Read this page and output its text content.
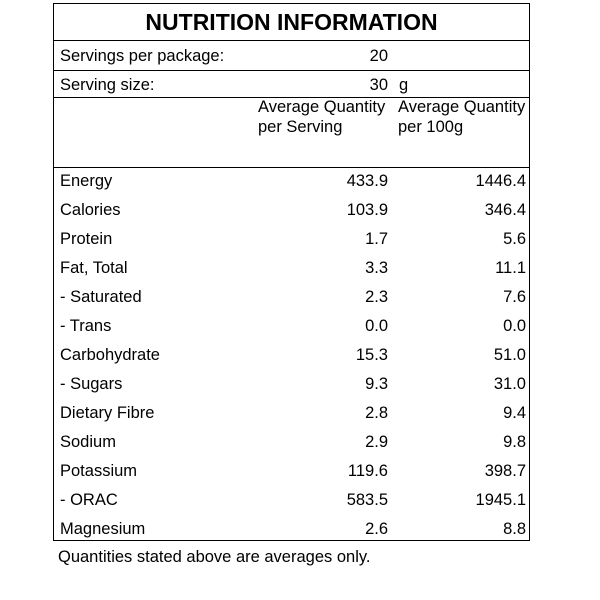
NUTRITION INFORMATION
Servings per package:	20
Serving size:	30 g
Average Quantity per Serving
Average Quantity per 100g
Energy	433.9	1446.4
Calories	103.9	346.4
Protein	1.7	5.6
Fat, Total	3.3	11.1
- Saturated	2.3	7.6
- Trans	0.0	0.0
Carbohydrate	15.3	51.0
- Sugars	9.3	31.0
Dietary Fibre	2.8	9.4
Sodium	2.9	9.8
Potassium	119.6	398.7
- ORAC	583.5	1945.1
Magnesium	2.6	8.8
Quantities stated above are averages only.
